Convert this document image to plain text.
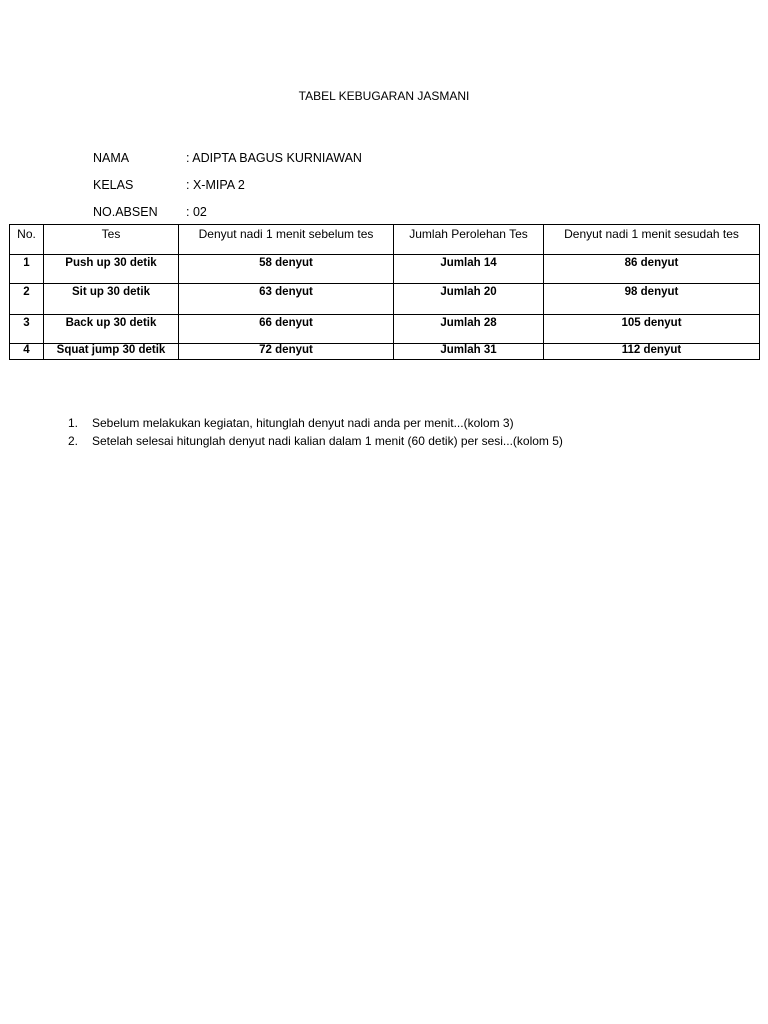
TABEL KEBUGARAN JASMANI
NAMA	: ADIPTA BAGUS KURNIAWAN
KELAS	: X-MIPA 2
NO.ABSEN	: 02
No.	Tes	Denyut nadi 1 menit sebelum tes	Jumlah Perolehan Tes	Denyut nadi 1 menit sesudah tes
1	Push up 30 detik	58 denyut	Jumlah 14	86 denyut
2	Sit up 30 detik	63 denyut	Jumlah 20	98 denyut
3	Back up 30 detik	66 denyut	Jumlah 28	105 denyut
4	Squat jump 30 detik	72 denyut	Jumlah 31	112 denyut
1.	Sebelum melakukan kegiatan, hitunglah denyut nadi anda per menit...(kolom 3)
2.	Setelah selesai hitunglah denyut nadi kalian dalam 1 menit (60 detik) per sesi...(kolom 5)
